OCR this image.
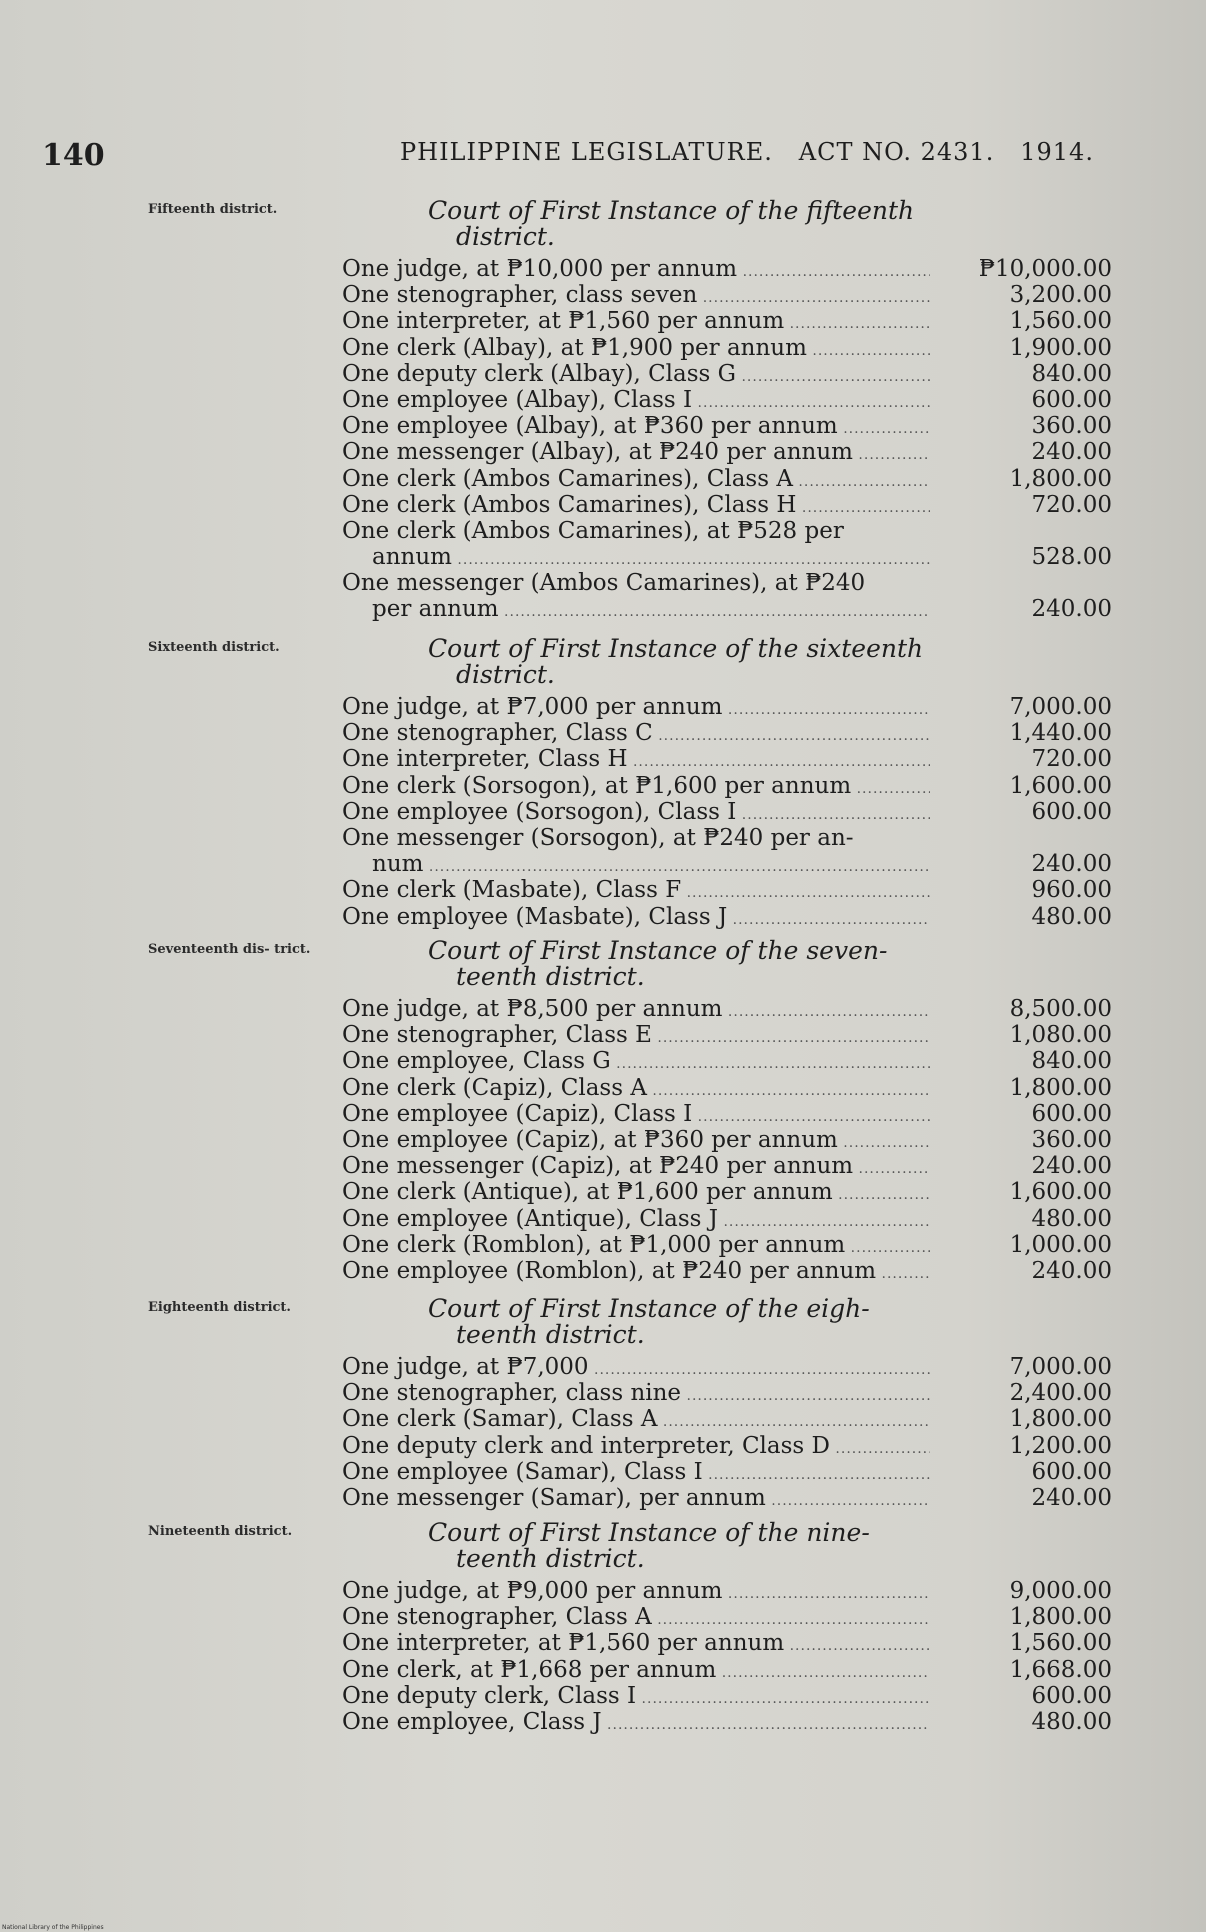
140	PHILIPPINE LEGISLATURE. ACT NO. 2431. 1914.
Fifteenth district.	Court of First Instance of the fifteenth
district.
One judge, at ₱10,000 per annum .....	₱10,000.00
One stenographer, class seven .....	3,200.00
One interpreter, at ₱1,560 per annum .....	1,560.00
One clerk (Albay), at ₱1,900 per annum .....	1,900.00
One deputy clerk (Albay), Class G .....	840.00
One employee (Albay), Class I .....	600.00
One employee (Albay), at ₱360 per annum .....	360.00
One messenger (Albay), at ₱240 per annum .....	240.00
One clerk (Ambos Camarines), Class A .....	1,800.00
One clerk (Ambos Camarines), Class H .....	720.00
One clerk (Ambos Camarines), at ₱528 per
annum .....	528.00
One messenger (Ambos Camarines), at ₱240
per annum .....	240.00
Sixteenth district.	Court of First Instance of the sixteenth
district.
One judge, at ₱7,000 per annum .....	7,000.00
One stenographer, Class C .....	1,440.00
One interpreter, Class H .....	720.00
One clerk (Sorsogon), at ₱1,600 per annum .....	1,600.00
One employee (Sorsogon), Class I .....	600.00
One messenger (Sorsogon), at ₱240 per an-
num .....	240.00
One clerk (Masbate), Class F .....	960.00
One employee (Masbate), Class J .....	480.00
Seventeenth dis- trict.	Court of First Instance of the seven-
teenth district.
One judge, at ₱8,500 per annum .....	8,500.00
One stenographer, Class E .....	1,080.00
One employee, Class G .....	840.00
One clerk (Capiz), Class A .....	1,800.00
One employee (Capiz), Class I .....	600.00
One employee (Capiz), at ₱360 per annum .....	360.00
One messenger (Capiz), at ₱240 per annum .....	240.00
One clerk (Antique), at ₱1,600 per annum .....	1,600.00
One employee (Antique), Class J .....	480.00
One clerk (Romblon), at ₱1,000 per annum .....	1,000.00
One employee (Romblon), at ₱240 per annum .....	240.00
Eighteenth district.	Court of First Instance of the eigh-
teenth district.
One judge, at ₱7,000 .....	7,000.00
One stenographer, class nine .....	2,400.00
One clerk (Samar), Class A .....	1,800.00
One deputy clerk and interpreter, Class D .....	1,200.00
One employee (Samar), Class I .....	600.00
One messenger (Samar), per annum .....	240.00
Nineteenth district.	Court of First Instance of the nine-
teenth district.
One judge, at ₱9,000 per annum .....	9,000.00
One stenographer, Class A .....	1,800.00
One interpreter, at ₱1,560 per annum .....	1,560.00
One clerk, at ₱1,668 per annum .....	1,668.00
One deputy clerk, Class I .....	600.00
One employee, Class J .....	480.00
National Library of the Philippines
